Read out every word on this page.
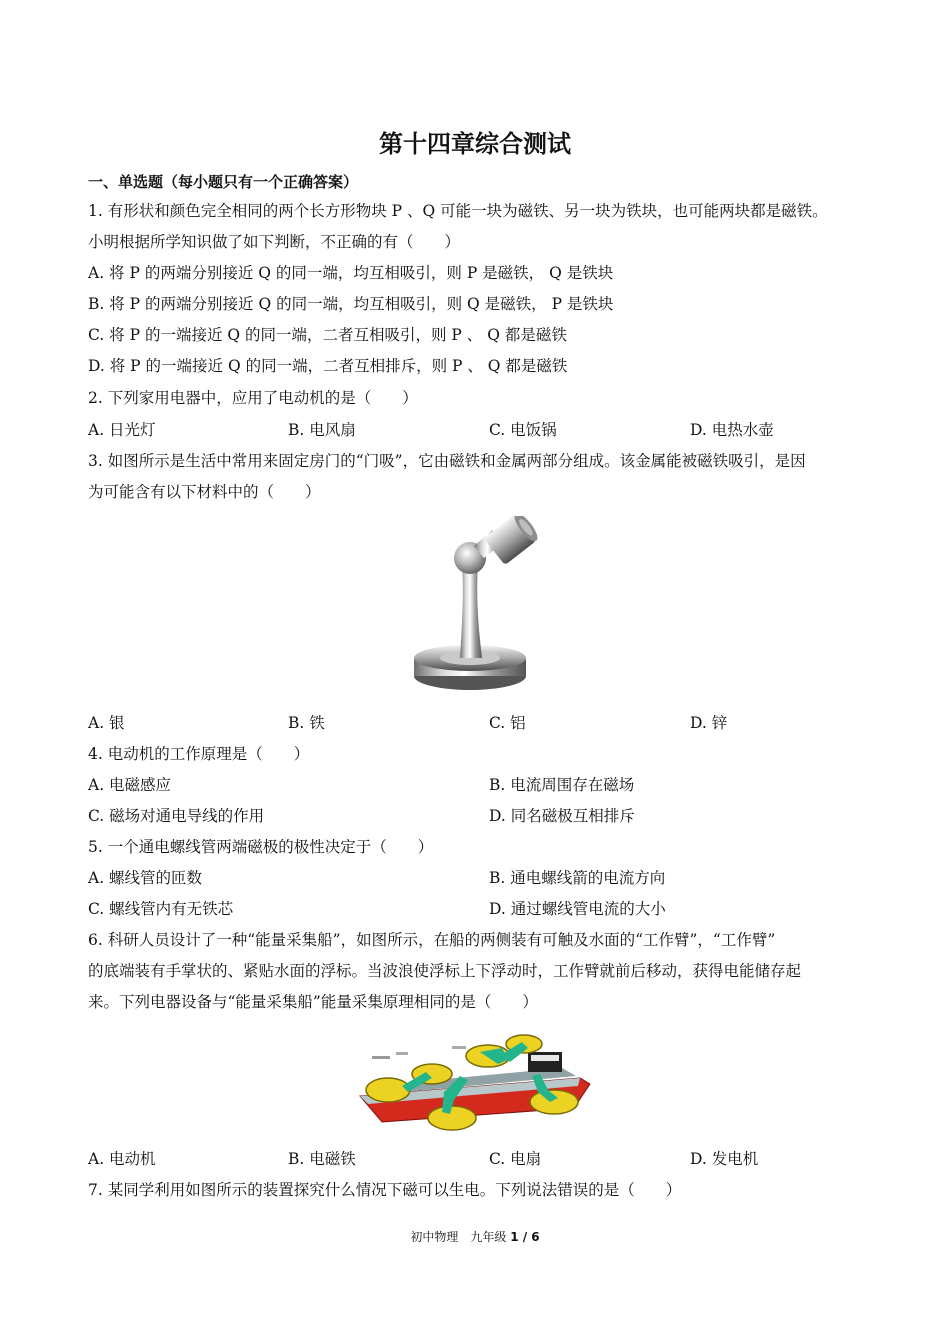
第十四章综合测试
一、单选题（每小题只有一个正确答案）
1. 有形状和颜色完全相同的两个长方形物块 P 、Q 可能一块为磁铁、另一块为铁块，也可能两块都是磁铁。
小明根据所学知识做了如下判断，不正确的有（　　）
A. 将 P 的两端分别接近 Q 的同一端，均互相吸引，则 P 是磁铁， Q 是铁块
B. 将 P 的两端分别接近 Q 的同一端，均互相吸引，则 Q 是磁铁， P 是铁块
C. 将 P 的一端接近 Q 的同一端，二者互相吸引，则 P 、 Q 都是磁铁
D. 将 P 的一端接近 Q 的同一端，二者互相排斥，则 P 、 Q 都是磁铁
2. 下列家用电器中，应用了电动机的是（　　）
A. 日光灯	B. 电风扇	C. 电饭锅	D. 电热水壶
3. 如图所示是生活中常用来固定房门的“门吸”，它由磁铁和金属两部分组成。该金属能被磁铁吸引，是因
为可能含有以下材料中的（　　）
A. 银	B. 铁	C. 铝	D. 锌
4. 电动机的工作原理是（　　）
A. 电磁感应	B. 电流周围存在磁场
C. 磁场对通电导线的作用	D. 同名磁极互相排斥
5. 一个通电螺线管两端磁极的极性决定于（　　）
A. 螺线管的匝数	B. 通电螺线箭的电流方向
C. 螺线管内有无铁芯	D. 通过螺线管电流的大小
6. 科研人员设计了一种“能量采集船”，如图所示，在船的两侧装有可触及水面的“工作臂”，“工作臂”
的底端装有手掌状的、紧贴水面的浮标。当波浪使浮标上下浮动时，工作臂就前后移动，获得电能储存起
来。下列电器设备与“能量采集船”能量采集原理相同的是（　　）
A. 电动机	B. 电磁铁	C. 电扇	D. 发电机
7. 某同学利用如图所示的装置探究什么情况下磁可以生电。下列说法错误的是（　　）
初中物理　九年级 1 / 6
